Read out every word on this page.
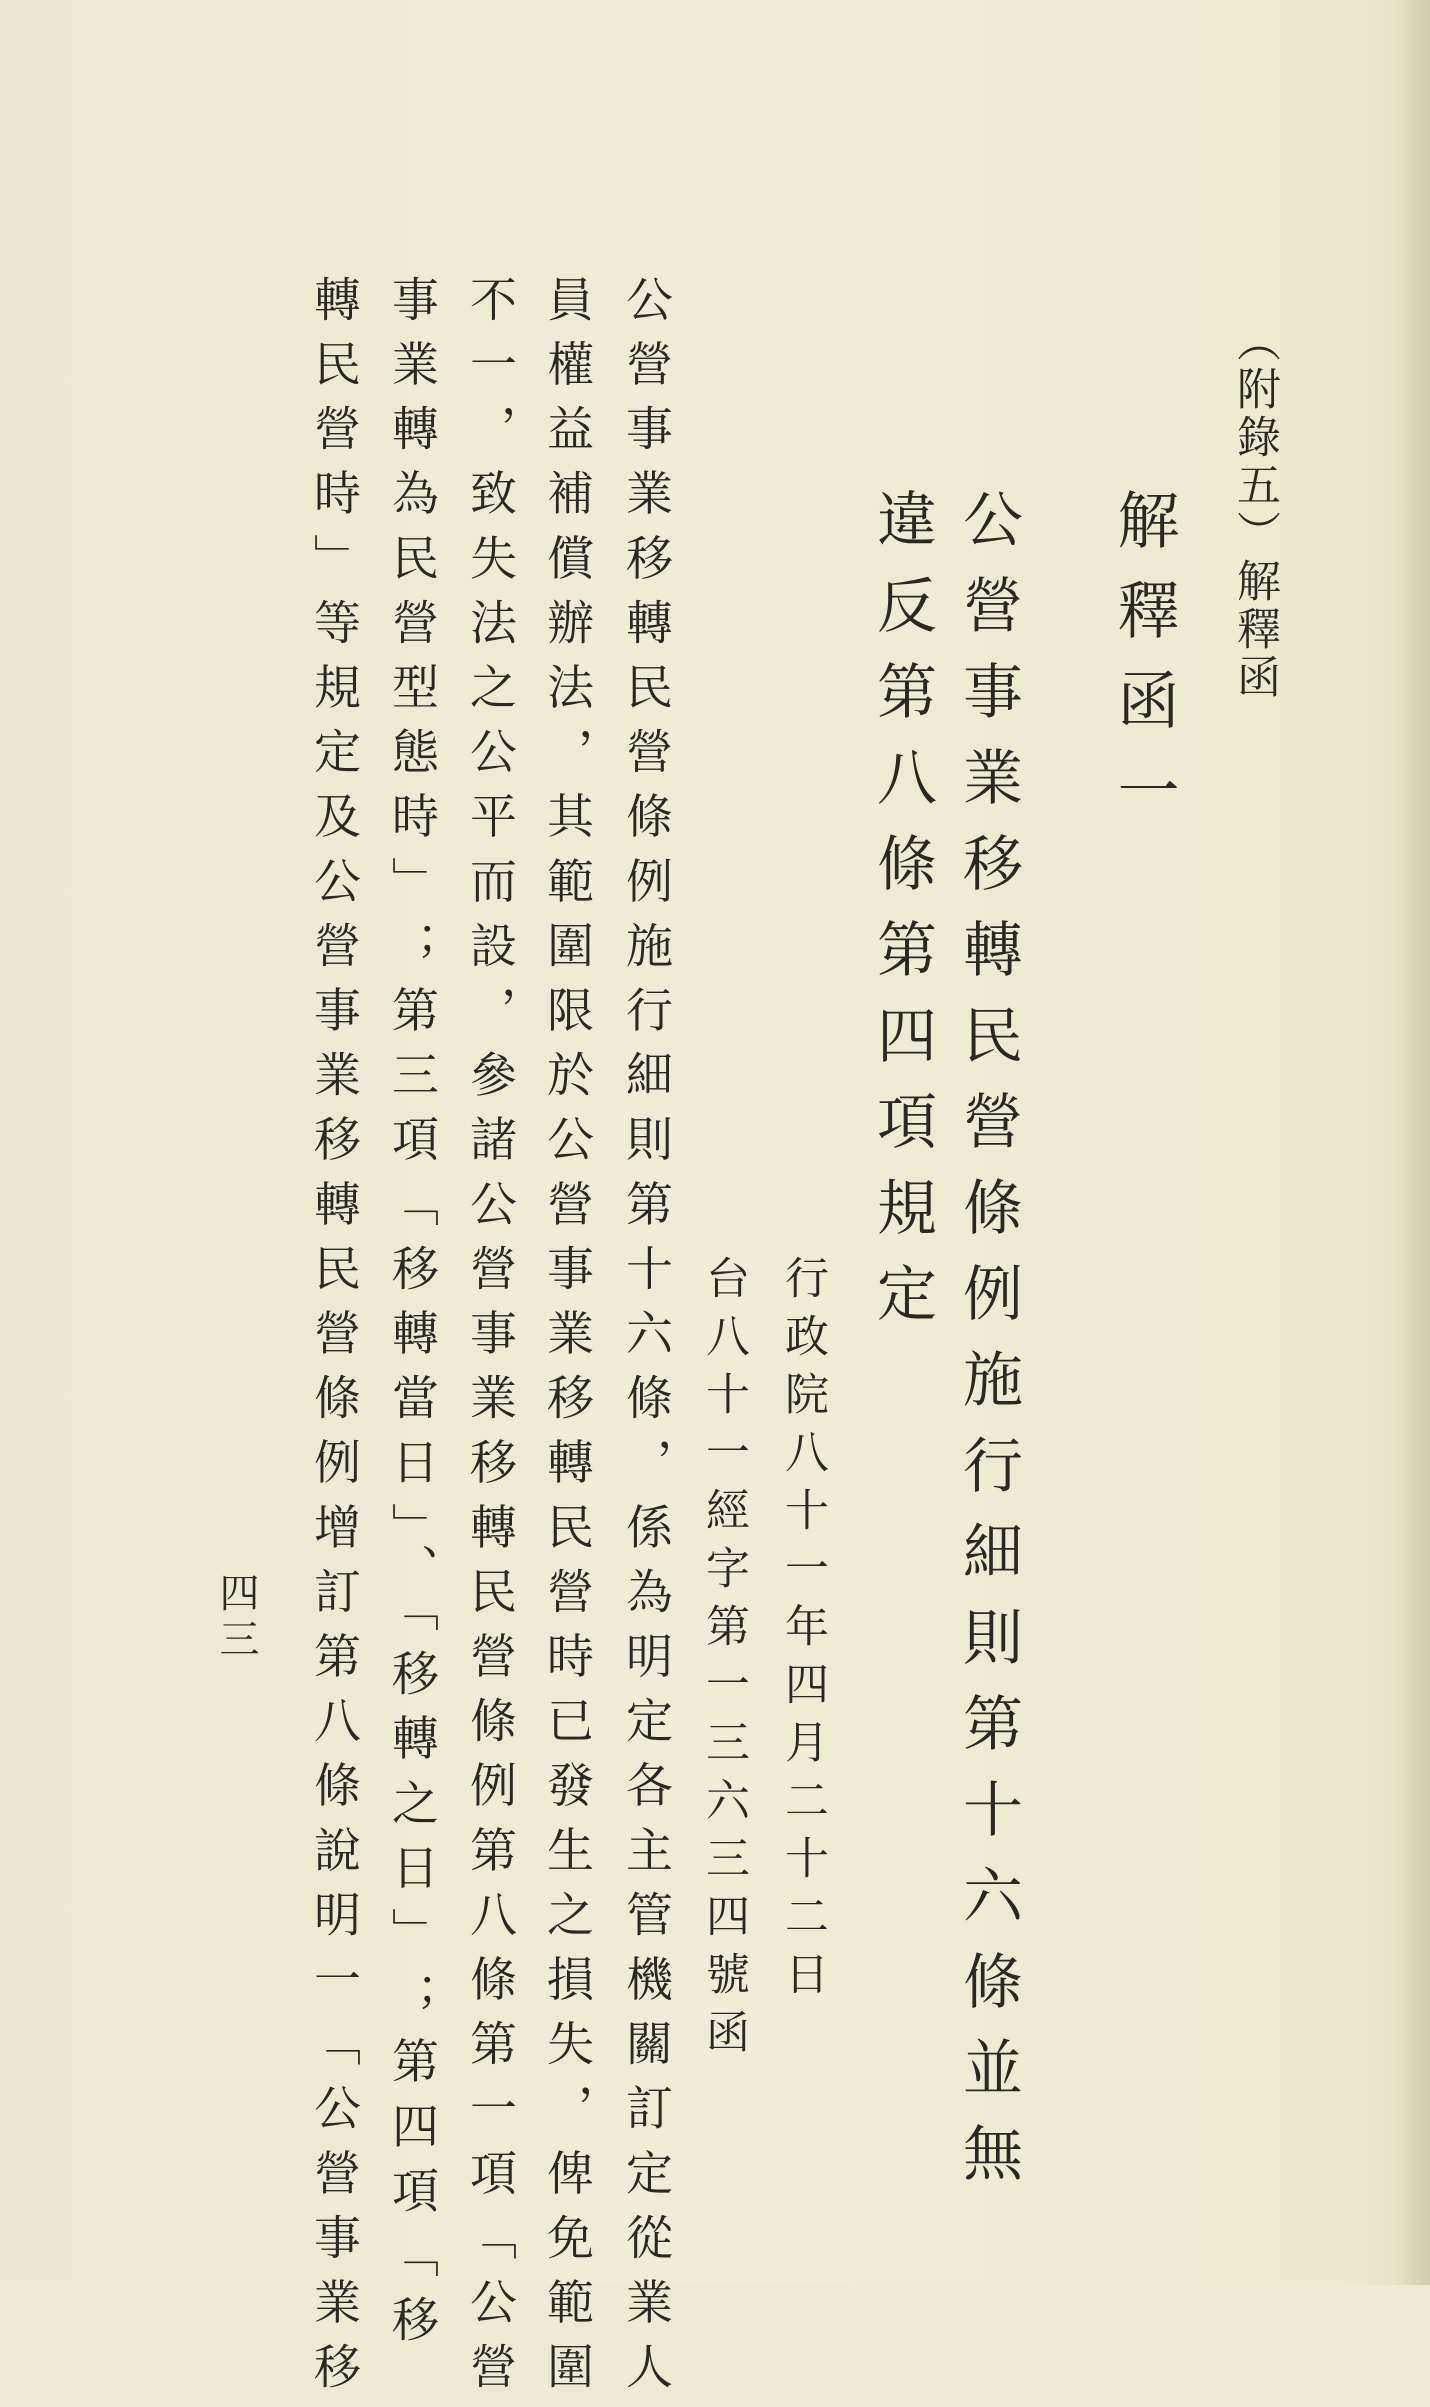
（附錄五）解釋函
解釋函一
公營事業移轉民營條例施行細則第十六條並無
違反第八條第四項規定
行政院八十一年四月二十二日
台八十一經字第一三六三四號函
公營事業移轉民營條例施行細則第十六條，係為明定各主管機關訂定從業人
員權益補償辦法，其範圍限於公營事業移轉民營時已發生之損失，俾免範圍
不一，致失法之公平而設，參諸公營事業移轉民營條例第八條第一項「公營
事業轉為民營型態時」；第三項「移轉當日」、「移轉之日」；第四項「移
轉民營時」等規定及公營事業移轉民營條例增訂第八條說明一「公營事業移
四三
